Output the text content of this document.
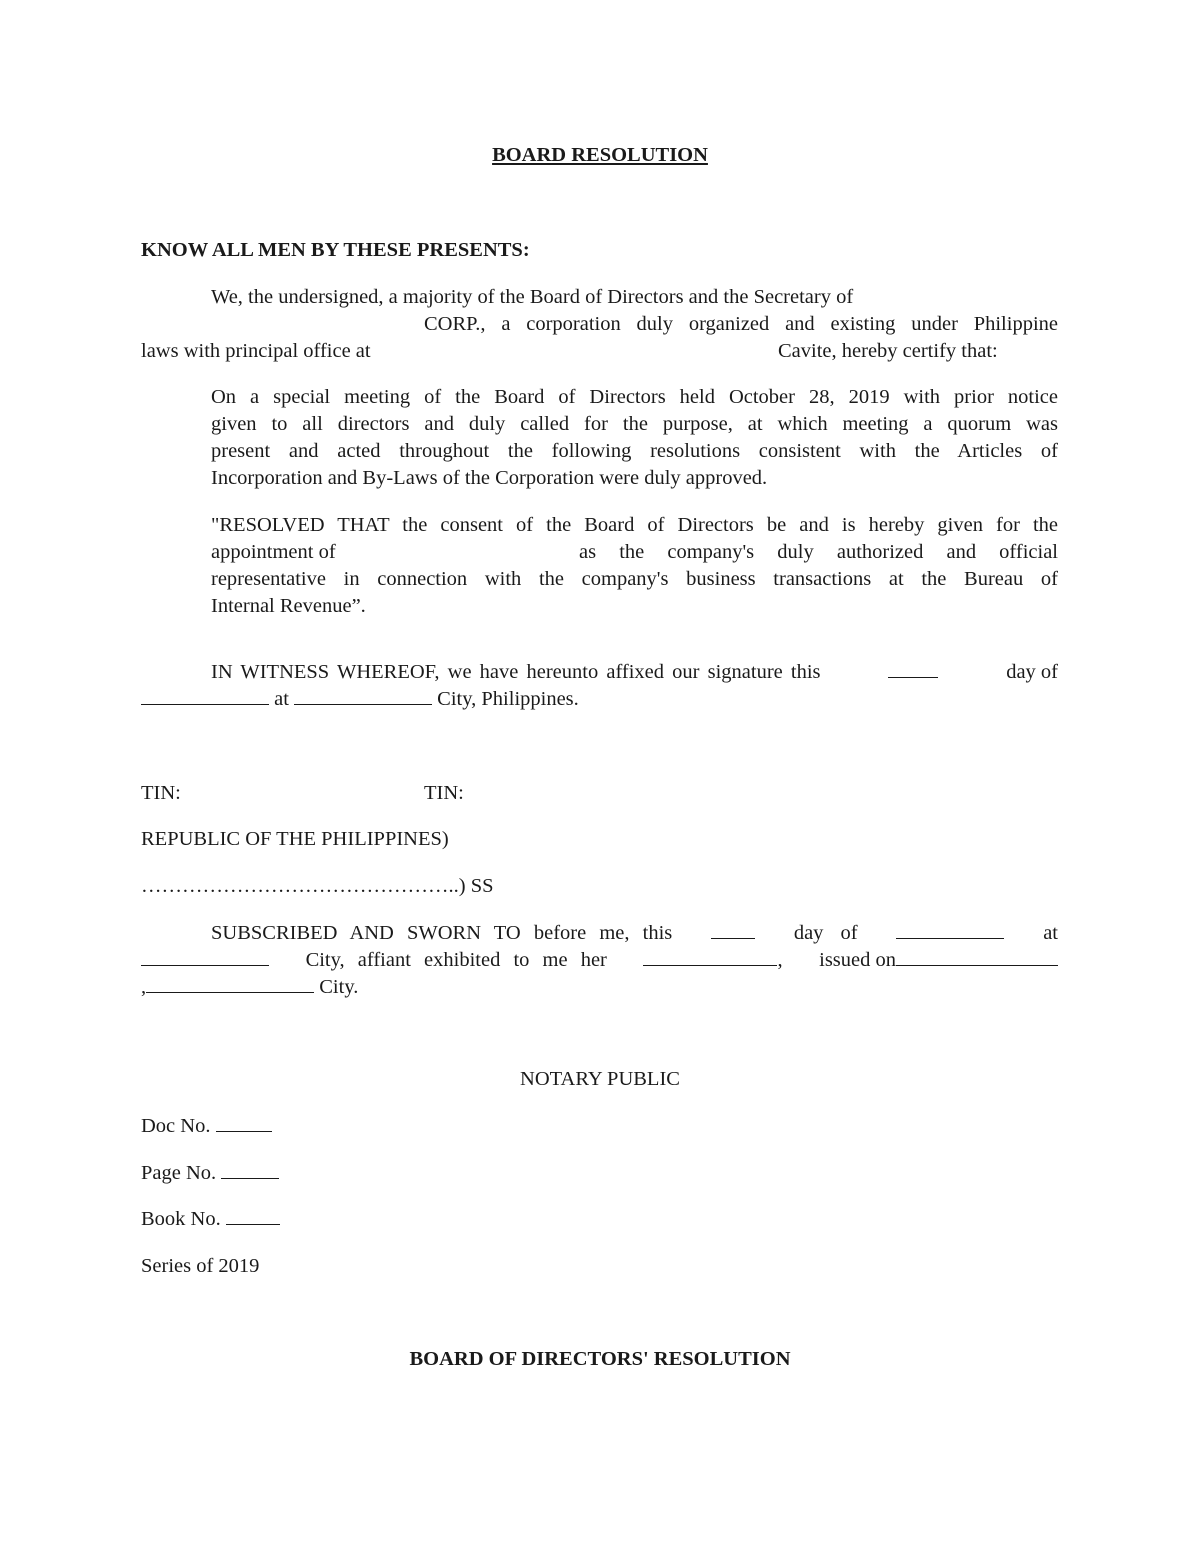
BOARD RESOLUTION
KNOW ALL MEN BY THESE PRESENTS:
We, the undersigned, a majority of the Board of Directors and the Secretary of
CORP., a corporation duly organized and existing under Philippine
laws with principal office at	Cavite, hereby certify that:
On a special meeting of the Board of Directors held October 28, 2019 with prior notice
given to all directors and duly called for the purpose, at which meeting a quorum was
present and acted throughout the following resolutions consistent with the Articles of
Incorporation and By-Laws of the Corporation were duly approved.
"RESOLVED THAT the consent of the Board of Directors be and is hereby given for the
appointment of	as the company's duly authorized and official
representative in connection with the company's business transactions at the Bureau of
Internal Revenue”.
IN WITNESS WHEREOF, we have hereunto affixed our signature this	day of
at	City, Philippines.
TIN:	TIN:
REPUBLIC OF THE PHILIPPINES)
………………………………………..) SS
SUBSCRIBED AND SWORN TO before me, this	day of	at
City, affiant exhibited to me her	, issued on
,	City.
NOTARY PUBLIC
Doc No.
Page No.
Book No.
Series of 2019
BOARD OF DIRECTORS' RESOLUTION
